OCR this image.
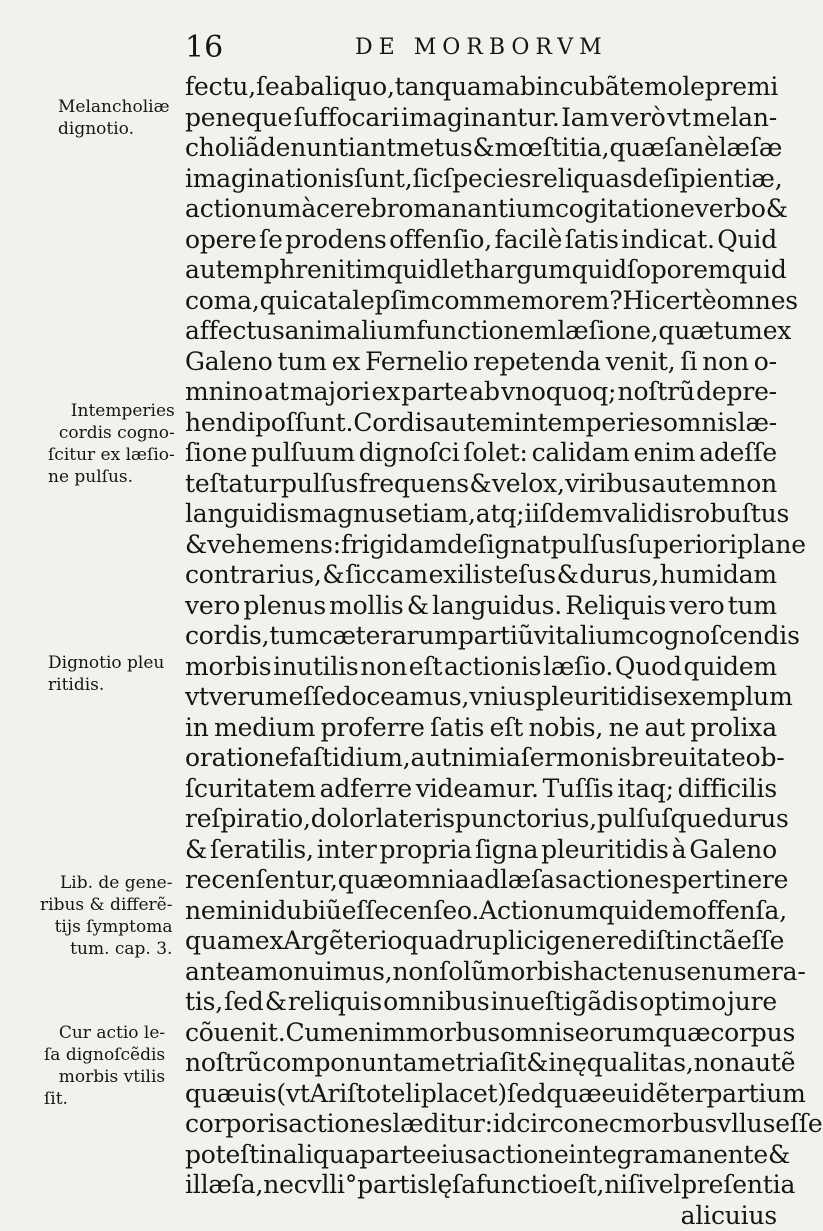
16	DE MORBORVM
Melancholiæ
dignotio.
Intemperies
cordis cogno-
ſcitur ex læſio-
ne pulſus.
Dignotio pleu
ritidis.
Lib. de gene-
ribus & differẽ-
tijs ſymptoma
tum. cap. 3.
Cur actio le-
ſa dignoſcẽdis
morbis vtilis
ſit.
fectu, ſe ab aliquo, tanquam ab incubãte mole premi
peneque ſuffocari imaginantur. Iam verò vt melan-
choliã denuntiant metus & mœſtitia, quæ ſanè læſæ
imaginationis ſunt, ſic ſpecies reliquas deſipientiæ,
actionum à cerebro manantium cogitatione verbo &
opere ſe prodens offenſio, facilè ſatis indicat. Quid
autem phrenitim quid lethargum quid ſoporem quid
coma, qui catalepſim commemorem? Hi certè omnes
affectus animalium functionem læſione, quæ tum ex
Galeno tum ex Fernelio repetenda venit, ſi non o-
mnino at majori ex parte ab vnoquoq; noſtrũ depre-
hendi poſſunt. Cordis autem intemperies omnis læ-
ſione pulſuum dignoſci ſolet: calidam enim adeſſe
teſtatur pulſus frequens & velox, viribus autem non
languidis magnus etiam, atq; iiſdem validis robuſtus
& vehemens: frigidam deſignat pulſus ſuperiori plane
contrarius, & ſiccam exilis teſus & durus, humidam
vero plenus mollis & languidus. Reliquis vero tum
cordis, tum cæterarum partiũ vitalium cognoſcendis
morbis inutilis non eſt actionis læſio. Quod quidem
vt verum eſſe doceamus, vnius pleuritidis exemplum
in medium proferre ſatis eſt nobis, ne aut prolixa
oratione faſtidium, aut nimia ſermonis breuitate ob-
ſcuritatem adferre videamur. Tuſſis itaq; difficilis
reſpiratio, dolor lateris punctorius, pulſuſque durus
& ſeratilis, inter propria ſigna pleuritidis à Galeno
recenſentur, quæ omnia ad læſas actiones pertinere
nemini dubiũ eſſe cenſeo. Actionum quidem offenſa,
quam ex Argẽterio quadruplici genere diſtinctã eſſe
antea monuimus, non ſolũ morbis hactenus enumera-
tis, ſed & reliquis omnibus inueſtigãdis optimo jure
cõuenit. Cum enim morbus omnis eorum quæ corpus
noſtrũ componunt ametria ſit & inęqualitas, non autẽ
quæuis (vt Ariſtoteli placet) ſed quæ euidẽter partium
corporis actiones læditur: idcirco nec morbus vllus eſſe
poteſt in aliqua parte eius actione integra manente &
illæſa, nec vlli° partis lęſa functio eſt, niſi vel preſentia
alicuius
